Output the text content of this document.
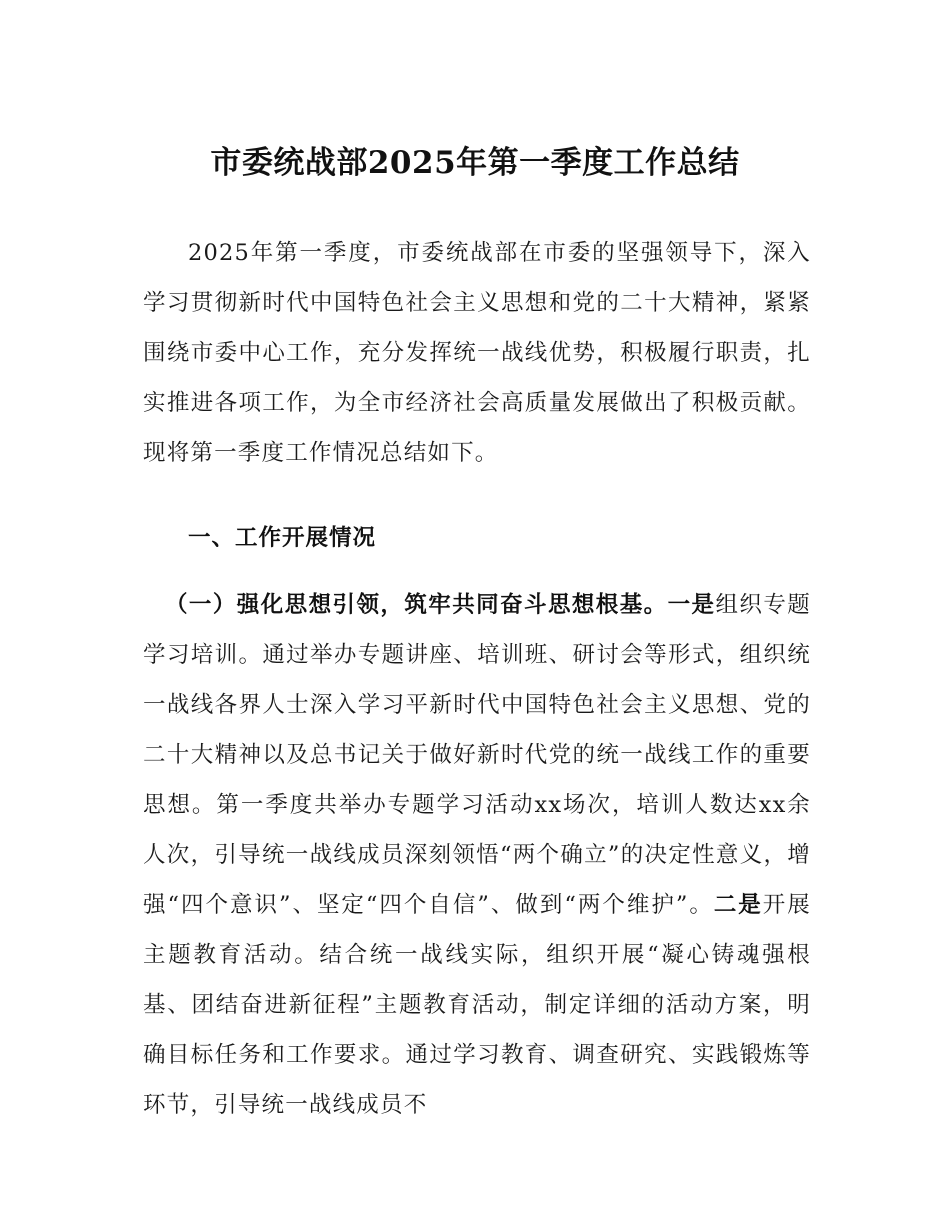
市委统战部2025年第一季度工作总结

2025年第一季度，市委统战部在市委的坚强领导下，深入学习贯彻新时代中国特色社会主义思想和党的二十大精神，紧紧围绕市委中心工作，充分发挥统一战线优势，积极履行职责，扎实推进各项工作，为全市经济社会高质量发展做出了积极贡献。现将第一季度工作情况总结如下。

一、工作开展情况

（一）强化思想引领，筑牢共同奋斗思想根基。一是组织专题学习培训。通过举办专题讲座、培训班、研讨会等形式，组织统一战线各界人士深入学习平新时代中国特色社会主义思想、党的二十大精神以及总书记关于做好新时代党的统一战线工作的重要思想。第一季度共举办专题学习活动xx场次，培训人数达xx余人次，引导统一战线成员深刻领悟“两个确立”的决定性意义，增强“四个意识”、坚定“四个自信”、做到“两个维护”。二是开展主题教育活动。结合统一战线实际，组织开展“凝心铸魂强根基、团结奋进新征程”主题教育活动，制定详细的活动方案，明确目标任务和工作要求。通过学习教育、调查研究、实践锻炼等环节，引导统一战线成员不
